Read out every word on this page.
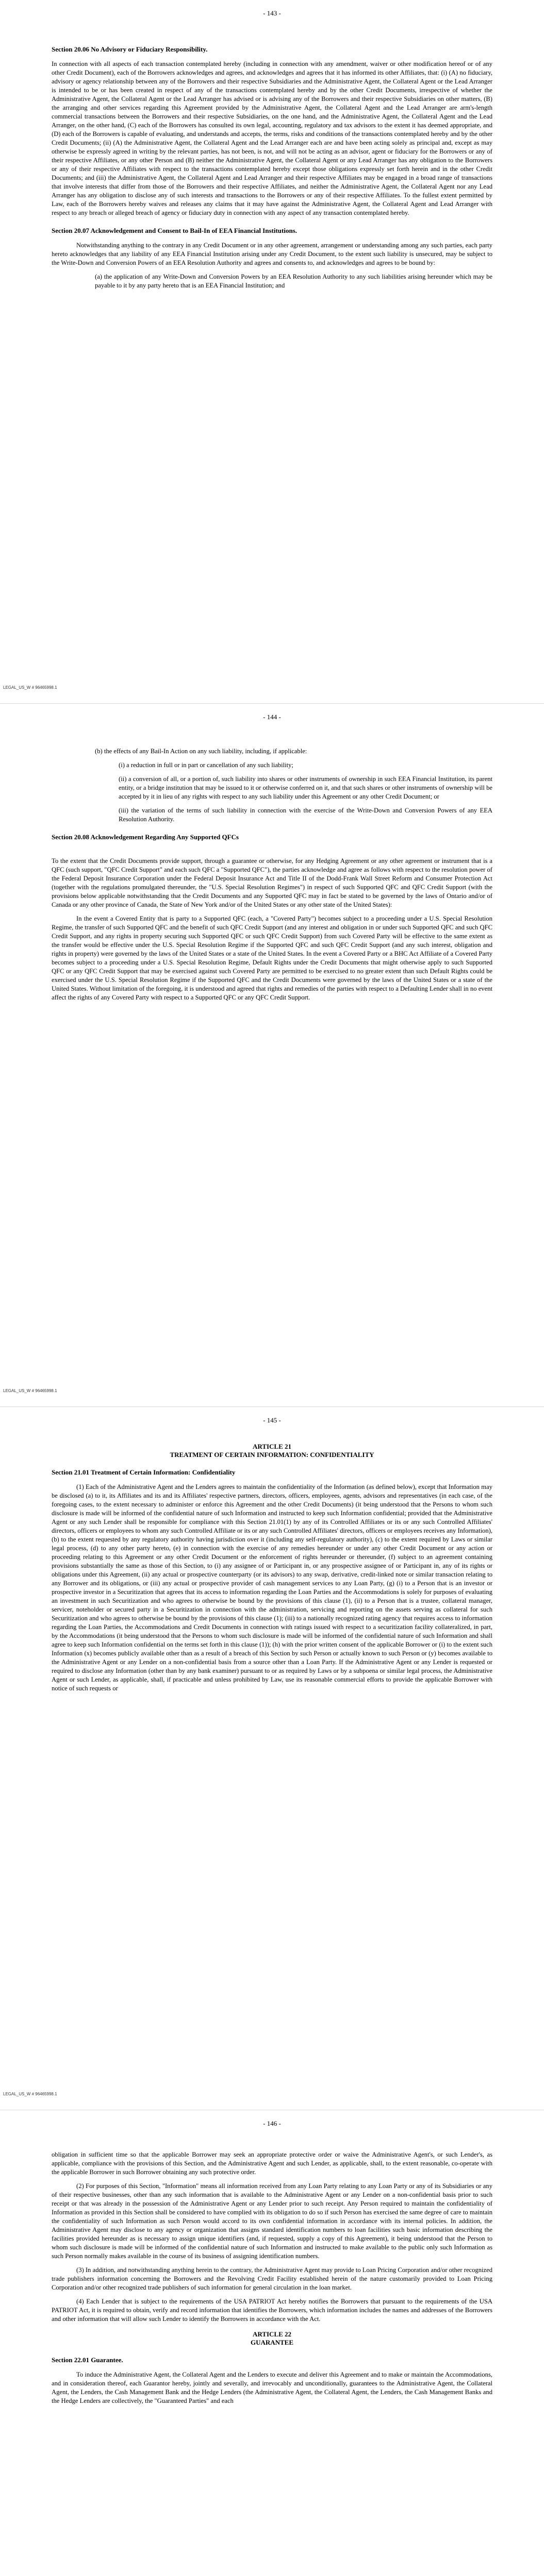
- 143 -
Section 20.06 No Advisory or Fiduciary Responsibility.

In connection with all aspects of each transaction contemplated hereby (including in connection with any amendment, waiver or other modification hereof or of any other Credit Document), each of the Borrowers acknowledges and agrees, and acknowledges and agrees that it has informed its other Affiliates, that: (i) (A) no fiduciary, advisory or agency relationship between any of the Borrowers and their respective Subsidiaries and the Administrative Agent, the Collateral Agent or the Lead Arranger is intended to be or has been created in respect of any of the transactions contemplated hereby and by the other Credit Documents, irrespective of whether the Administrative Agent, the Collateral Agent or the Lead Arranger has advised or is advising any of the Borrowers and their respective Subsidiaries on other matters, (B) the arranging and other services regarding this Agreement provided by the Administrative Agent, the Collateral Agent and the Lead Arranger are arm's-length commercial transactions between the Borrowers and their respective Subsidiaries, on the one hand, and the Administrative Agent, the Collateral Agent and the Lead Arranger, on the other hand, (C) each of the Borrowers has consulted its own legal, accounting, regulatory and tax advisors to the extent it has deemed appropriate, and (D) each of the Borrowers is capable of evaluating, and understands and accepts, the terms, risks and conditions of the transactions contemplated hereby and by the other Credit Documents; (ii) (A) the Administrative Agent, the Collateral Agent and the Lead Arranger each are and have been acting solely as principal and, except as may otherwise be expressly agreed in writing by the relevant parties, has not been, is not, and will not be acting as an advisor, agent or fiduciary for the Borrowers or any of their respective Affiliates, or any other Person and (B) neither the Administrative Agent, the Collateral Agent or any Lead Arranger has any obligation to the Borrowers or any of their respective Affiliates with respect to the transactions contemplated hereby except those obligations expressly set forth herein and in the other Credit Documents; and (iii) the Administrative Agent, the Collateral Agent and Lead Arranger and their respective Affiliates may be engaged in a broad range of transactions that involve interests that differ from those of the Borrowers and their respective Affiliates, and neither the Administrative Agent, the Collateral Agent nor any Lead Arranger has any obligation to disclose any of such interests and transactions to the Borrowers or any of their respective Affiliates. To the fullest extent permitted by Law, each of the Borrowers hereby waives and releases any claims that it may have against the Administrative Agent, the Collateral Agent and Lead Arranger with respect to any breach or alleged breach of agency or fiduciary duty in connection with any aspect of any transaction contemplated hereby.

Section 20.07 Acknowledgement and Consent to Bail-In of EEA Financial Institutions.

Notwithstanding anything to the contrary in any Credit Document or in any other agreement, arrangement or understanding among any such parties, each party hereto acknowledges that any liability of any EEA Financial Institution arising under any Credit Document, to the extent such liability is unsecured, may be subject to the Write-Down and Conversion Powers of an EEA Resolution Authority and agrees and consents to, and acknowledges and agrees to be bound by:

(a) the application of any Write-Down and Conversion Powers by an EEA Resolution Authority to any such liabilities arising hereunder which may be payable to it by any party hereto that is an EEA Financial Institution; and

LEGAL_US_W # 96465998.1
- 144 -

(b) the effects of any Bail-In Action on any such liability, including, if applicable:

(i) a reduction in full or in part or cancellation of any such liability;

(ii) a conversion of all, or a portion of, such liability into shares or other instruments of ownership in such EEA Financial Institution, its parent entity, or a bridge institution that may be issued to it or otherwise conferred on it, and that such shares or other instruments of ownership will be accepted by it in lieu of any rights with respect to any such liability under this Agreement or any other Credit Document; or

(iii) the variation of the terms of such liability in connection with the exercise of the Write-Down and Conversion Powers of any EEA Resolution Authority.

Section 20.08 Acknowledgement Regarding Any Supported QFCs

To the extent that the Credit Documents provide support, through a guarantee or otherwise, for any Hedging Agreement or any other agreement or instrument that is a QFC (such support, "QFC Credit Support" and each such QFC a "Supported QFC"), the parties acknowledge and agree as follows with respect to the resolution power of the Federal Deposit Insurance Corporation under the Federal Deposit Insurance Act and Title II of the Dodd-Frank Wall Street Reform and Consumer Protection Act (together with the regulations promulgated thereunder, the "U.S. Special Resolution Regimes") in respect of such Supported QFC and QFC Credit Support (with the provisions below applicable notwithstanding that the Credit Documents and any Supported QFC may in fact be stated to be governed by the laws of Ontario and/or of Canada or any other province of Canada, the State of New York and/or of the United States or any other state of the United States):

In the event a Covered Entity that is party to a Supported QFC (each, a "Covered Party") becomes subject to a proceeding under a U.S. Special Resolution Regime, the transfer of such Supported QFC and the benefit of such QFC Credit Support (and any interest and obligation in or under such Supported QFC and such QFC Credit Support, and any rights in property securing such Supported QFC or such QFC Credit Support) from such Covered Party will be effective to the same extent as the transfer would be effective under the U.S. Special Resolution Regime if the Supported QFC and such QFC Credit Support (and any such interest, obligation and rights in property) were governed by the laws of the United States or a state of the United States. In the event a Covered Party or a BHC Act Affiliate of a Covered Party becomes subject to a proceeding under a U.S. Special Resolution Regime, Default Rights under the Credit Documents that might otherwise apply to such Supported QFC or any QFC Credit Support that may be exercised against such Covered Party are permitted to be exercised to no greater extent than such Default Rights could be exercised under the U.S. Special Resolution Regime if the Supported QFC and the Credit Documents were governed by the laws of the United States or a state of the United States. Without limitation of the foregoing, it is understood and agreed that rights and remedies of the parties with respect to a Defaulting Lender shall in no event affect the rights of any Covered Party with respect to a Supported QFC or any QFC Credit Support.

LEGAL_US_W # 96465998.1
- 145 -
ARTICLE 21
TREATMENT OF CERTAIN INFORMATION: CONFIDENTIALITY
Section 21.01 Treatment of Certain Information: Confidentiality

(1) Each of the Administrative Agent and the Lenders agrees to maintain the confidentiality of the Information (as defined below), except that Information may be disclosed (a) to it, its Affiliates and its and its Affiliates' respective partners, directors, officers, employees, agents, advisors and representatives (in each case, of the foregoing cases, to the extent necessary to administer or enforce this Agreement and the other Credit Documents) (it being understood that the Persons to whom such disclosure is made will be informed of the confidential nature of such Information and instructed to keep such Information confidential; provided that the Administrative Agent or any such Lender shall be responsible for compliance with this Section 21.01(1) by any of its Controlled Affiliates or its or any such Controlled Affiliates' directors, officers or employees to whom any such Controlled Affiliate or its or any such Controlled Affiliates' directors, officers or employees receives any Information), (b) to the extent requested by any regulatory authority having jurisdiction over it (including any self-regulatory authority), (c) to the extent required by Laws or similar legal process, (d) to any other party hereto, (e) in connection with the exercise of any remedies hereunder or under any other Credit Document or any action or proceeding relating to this Agreement or any other Credit Document or the enforcement of rights hereunder or thereunder, (f) subject to an agreement containing provisions substantially the same as those of this Section, to (i) any assignee of or Participant in, or any prospective assignee of or Participant in, any of its rights or obligations under this Agreement, (ii) any actual or prospective counterparty (or its advisors) to any swap, derivative, credit-linked note or similar transaction relating to any Borrower and its obligations, or (iii) any actual or prospective provider of cash management services to any Loan Party, (g) (i) to a Person that is an investor or prospective investor in a Securitization that agrees that its access to information regarding the Loan Parties and the Accommodations is solely for purposes of evaluating an investment in such Securitization and who agrees to otherwise be bound by the provisions of this clause (1), (ii) to a Person that is a trustee, collateral manager, servicer, noteholder or secured party in a Securitization in connection with the administration, servicing and reporting on the assets serving as collateral for such Securitization and who agrees to otherwise be bound by the provisions of this clause (1); (iii) to a nationally recognized rating agency that requires access to information regarding the Loan Parties, the Accommodations and Credit Documents in connection with ratings issued with respect to a securitization facility collateralized, in part, by the Accommodations (it being understood that the Persons to whom such disclosure is made will be informed of the confidential nature of such Information and shall agree to keep such Information confidential on the terms set forth in this clause (1)); (h) with the prior written consent of the applicable Borrower or (i) to the extent such Information (x) becomes publicly available other than as a result of a breach of this Section by such Person or actually known to such Person or (y) becomes available to the Administrative Agent or any Lender on a non-confidential basis from a source other than a Loan Party. If the Administrative Agent or any Lender is requested or required to disclose any Information (other than by any bank examiner) pursuant to or as required by Laws or by a subpoena or similar legal process, the Administrative Agent or such Lender, as applicable, shall, if practicable and unless prohibited by Law, use its reasonable commercial efforts to provide the applicable Borrower with notice of such requests or

LEGAL_US_W # 96465998.1
- 146 -

obligation in sufficient time so that the applicable Borrower may seek an appropriate protective order or waive the Administrative Agent's, or such Lender's, as applicable, compliance with the provisions of this Section, and the Administrative Agent and such Lender, as applicable, shall, to the extent reasonable, co-operate with the applicable Borrower in such Borrower obtaining any such protective order.

(2) For purposes of this Section, "Information" means all information received from any Loan Party relating to any Loan Party or any of its Subsidiaries or any of their respective businesses, other than any such information that is available to the Administrative Agent or any Lender on a non-confidential basis prior to such receipt or that was already in the possession of the Administrative Agent or any Lender prior to such receipt. Any Person required to maintain the confidentiality of Information as provided in this Section shall be considered to have complied with its obligation to do so if such Person has exercised the same degree of care to maintain the confidentiality of such Information as such Person would accord to its own confidential information in accordance with its internal policies. In addition, the Administrative Agent may disclose to any agency or organization that assigns standard identification numbers to loan facilities such basic information describing the facilities provided hereunder as is necessary to assign unique identifiers (and, if requested, supply a copy of this Agreement), it being understood that the Person to whom such disclosure is made will be informed of the confidential nature of such Information and instructed to make available to the public only such Information as such Person normally makes available in the course of its business of assigning identification numbers.

(3) In addition, and notwithstanding anything herein to the contrary, the Administrative Agent may provide to Loan Pricing Corporation and/or other recognized trade publishers information concerning the Borrowers and the Revolving Credit Facility established herein of the nature customarily provided to Loan Pricing Corporation and/or other recognized trade publishers of such information for general circulation in the loan market.

(4) Each Lender that is subject to the requirements of the USA PATRIOT Act hereby notifies the Borrowers that pursuant to the requirements of the USA PATRIOT Act, it is required to obtain, verify and record information that identifies the Borrowers, which information includes the names and addresses of the Borrowers and other information that will allow such Lender to identify the Borrowers in accordance with the Act.

ARTICLE 22
GUARANTEE
Section 22.01 Guarantee.

To induce the Administrative Agent, the Collateral Agent and the Lenders to execute and deliver this Agreement and to make or maintain the Accommodations, and in consideration thereof, each Guarantor hereby, jointly and severally, and irrevocably and unconditionally, guarantees to the Administrative Agent, the Collateral Agent, the Lenders, the Cash Management Bank and the Hedge Lenders (the Administrative Agent, the Collateral Agent, the Lenders, the Cash Management Banks and the Hedge Lenders are collectively, the "Guaranteed Parties" and each
